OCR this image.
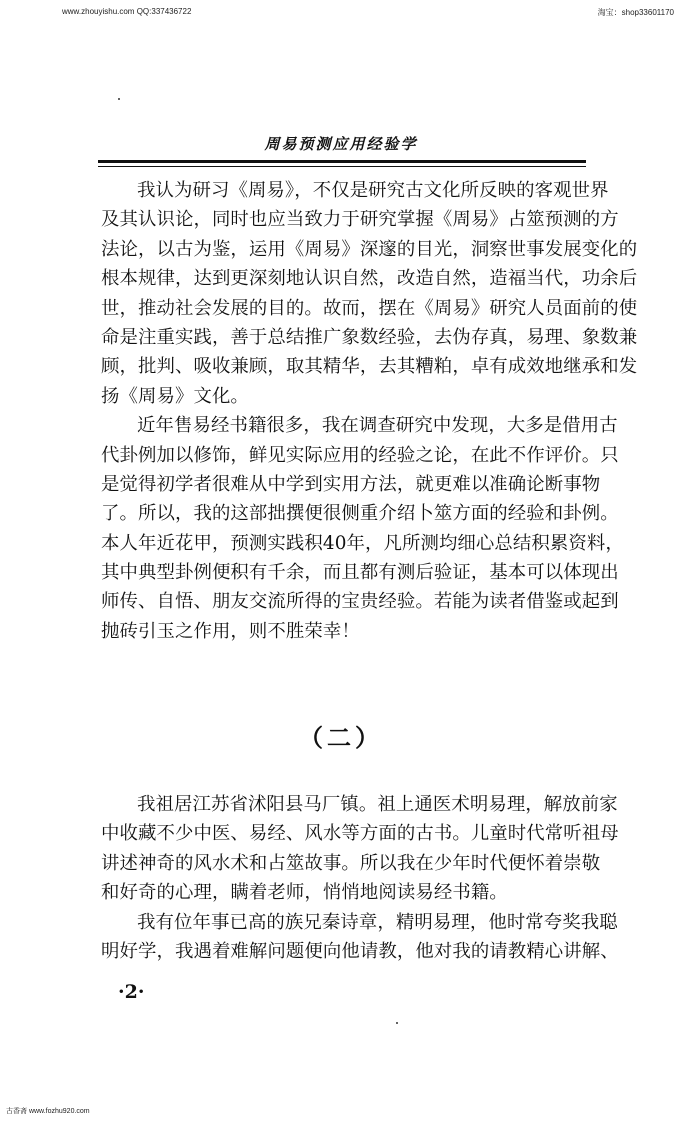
www.zhouyishu.com QQ:337436722	淘宝：shop33601170
周易预测应用经验学
我认为研习《周易》，不仅是研究古文化所反映的客观世界
及其认识论，同时也应当致力于研究掌握《周易》占筮预测的方
法论，以古为鉴，运用《周易》深邃的目光，洞察世事发展变化的
根本规律，达到更深刻地认识自然，改造自然，造福当代，功余后
世，推动社会发展的目的。故而，摆在《周易》研究人员面前的使
命是注重实践，善于总结推广象数经验，去伪存真，易理、象数兼
顾，批判、吸收兼顾，取其精华，去其糟粕，卓有成效地继承和发
扬《周易》文化。
近年售易经书籍很多，我在调查研究中发现，大多是借用古
代卦例加以修饰，鲜见实际应用的经验之论，在此不作评价。只
是觉得初学者很难从中学到实用方法，就更难以准确论断事物
了。所以，我的这部拙撰便很侧重介绍卜筮方面的经验和卦例。
本人年近花甲，预测实践积40年，凡所测均细心总结积累资料，
其中典型卦例便积有千余，而且都有测后验证，基本可以体现出
师传、自悟、朋友交流所得的宝贵经验。若能为读者借鉴或起到
抛砖引玉之作用，则不胜荣幸！
（二）
我祖居江苏省沭阳县马厂镇。祖上通医术明易理，解放前家
中收藏不少中医、易经、风水等方面的古书。儿童时代常听祖母
讲述神奇的风水术和占筮故事。所以我在少年时代便怀着崇敬
和好奇的心理，瞒着老师，悄悄地阅读易经书籍。
我有位年事已高的族兄秦诗章，精明易理，他时常夸奖我聪
明好学，我遇着难解问题便向他请教，他对我的请教精心讲解、
·2·
古香斋 www.fozhu920.com
